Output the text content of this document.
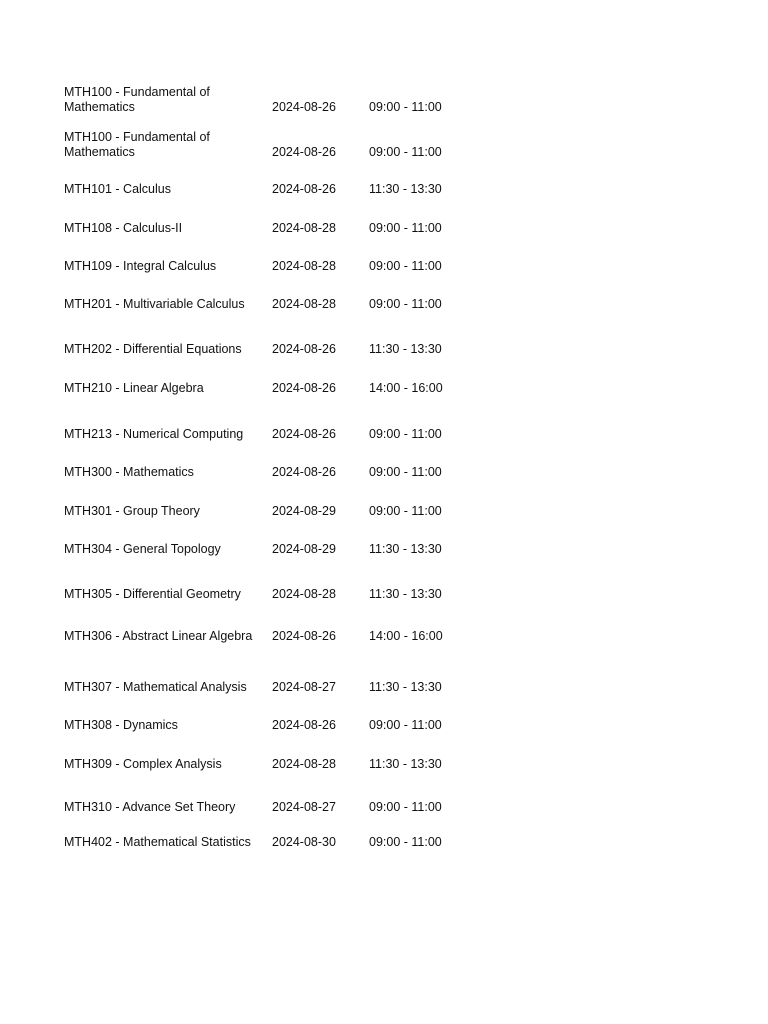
MTH100 - Fundamental of Mathematics	2024-08-26	09:00 - 11:00
MTH100 - Fundamental of Mathematics	2024-08-26	09:00 - 11:00
MTH101 - Calculus	2024-08-26	11:30 - 13:30
MTH108 - Calculus-II	2024-08-28	09:00 - 11:00
MTH109 - Integral Calculus	2024-08-28	09:00 - 11:00
MTH201 - Multivariable Calculus	2024-08-28	09:00 - 11:00
MTH202 - Differential Equations	2024-08-26	11:30 - 13:30
MTH210 - Linear Algebra	2024-08-26	14:00 - 16:00
MTH213 - Numerical Computing	2024-08-26	09:00 - 11:00
MTH300 - Mathematics	2024-08-26	09:00 - 11:00
MTH301 - Group Theory	2024-08-29	09:00 - 11:00
MTH304 - General Topology	2024-08-29	11:30 - 13:30
MTH305 - Differential Geometry	2024-08-28	11:30 - 13:30
MTH306 - Abstract Linear Algebra	2024-08-26	14:00 - 16:00
MTH307 - Mathematical Analysis	2024-08-27	11:30 - 13:30
MTH308 - Dynamics	2024-08-26	09:00 - 11:00
MTH309 - Complex Analysis	2024-08-28	11:30 - 13:30
MTH310 - Advance Set Theory	2024-08-27	09:00 - 11:00
MTH402 - Mathematical Statistics	2024-08-30	09:00 - 11:00
